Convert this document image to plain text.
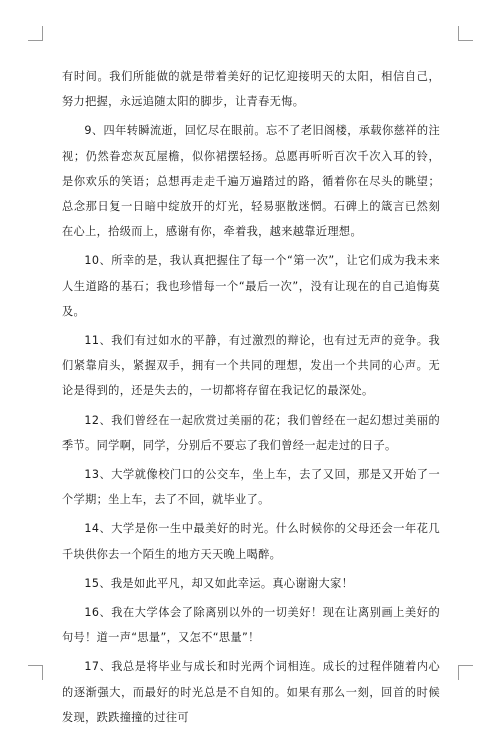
有时间。我们所能做的就是带着美好的记忆迎接明天的太阳，相信自己，努力把握，永远追随太阳的脚步，让青春无悔。

9、四年转瞬流逝，回忆尽在眼前。忘不了老旧阁楼，承载你慈祥的注视；仍然眷恋灰瓦屋檐，似你裙摆轻扬。总愿再听听百次千次入耳的铃，是你欢乐的笑语；总想再走走千遍万遍踏过的路，循着你在尽头的眺望；总念那日复一日暗中绽放开的灯光，轻易驱散迷惘。石碑上的箴言已然刻在心上，拾级而上，感谢有你，牵着我，越来越靠近理想。

10、所幸的是，我认真把握住了每一个“第一次”，让它们成为我未来人生道路的基石；我也珍惜每一个“最后一次”，没有让现在的自己追悔莫及。

11、我们有过如水的平静，有过激烈的辩论，也有过无声的竞争。我们紧靠肩头，紧握双手，拥有一个共同的理想，发出一个共同的心声。无论是得到的，还是失去的，一切都将存留在我记忆的最深处。

12、我们曾经在一起欣赏过美丽的花；我们曾经在一起幻想过美丽的季节。同学啊，同学，分别后不要忘了我们曾经一起走过的日子。

13、大学就像校门口的公交车，坐上车，去了又回，那是又开始了一个学期；坐上车，去了不回，就毕业了。

14、大学是你一生中最美好的时光。什么时候你的父母还会一年花几千块供你去一个陌生的地方天天晚上喝醉。

15、我是如此平凡，却又如此幸运。真心谢谢大家！

16、我在大学体会了除离别以外的一切美好！现在让离别画上美好的句号！道一声“思量”，又怎不“思量”！

17、我总是将毕业与成长和时光两个词相连。成长的过程伴随着内心的逐渐强大，而最好的时光总是不自知的。如果有那么一刻，回首的时候发现，跌跌撞撞的过往可
